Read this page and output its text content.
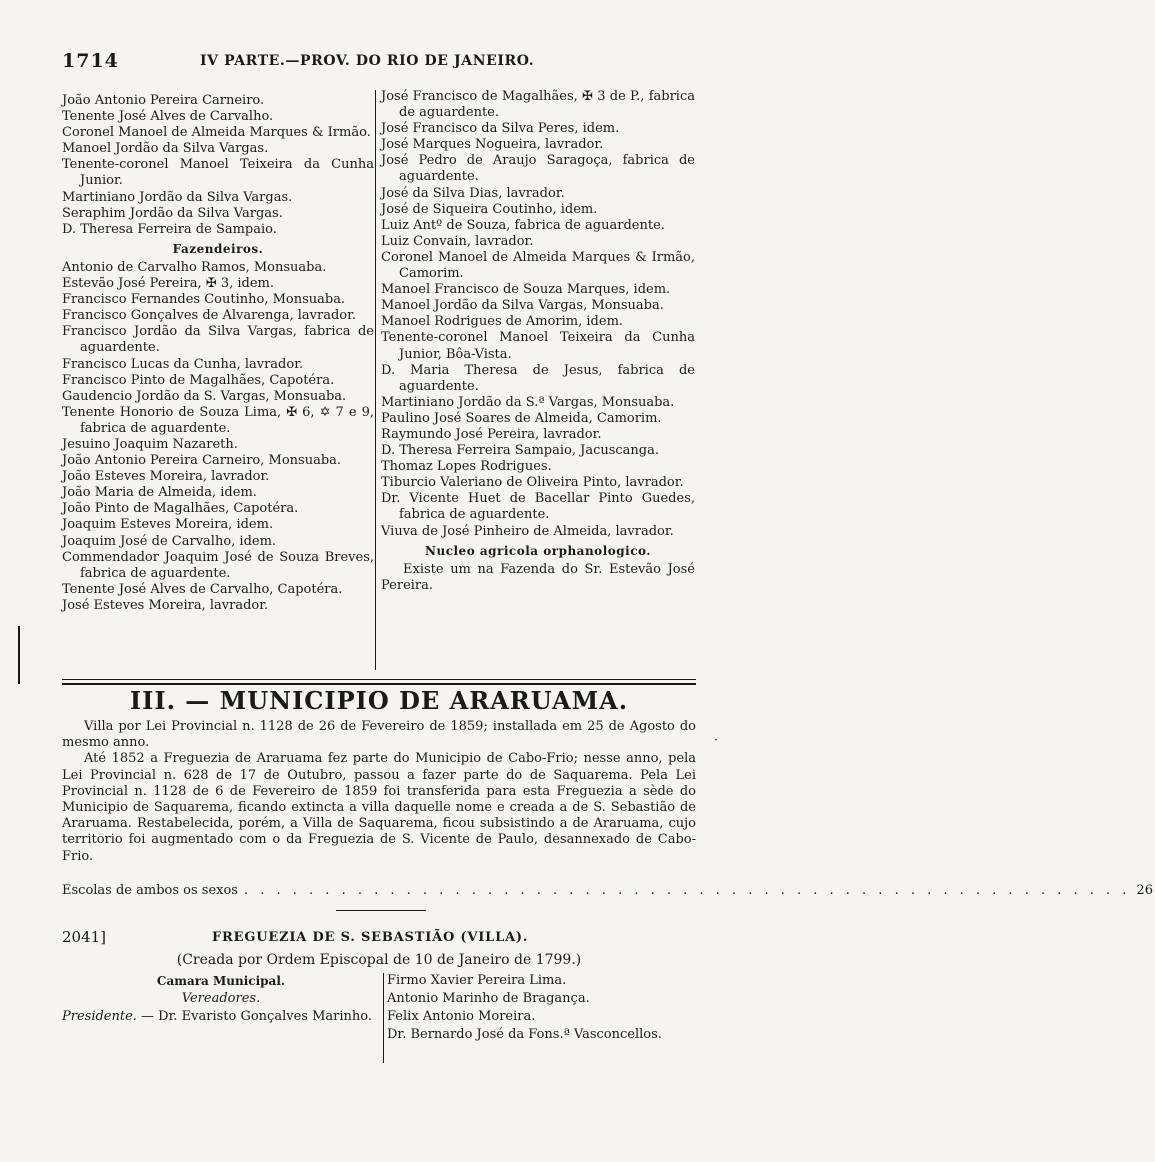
1714	IV PARTE.—PROV. DO RIO DE JANEIRO.
João Antonio Pereira Carneiro.
Tenente José Alves de Carvalho.
Coronel Manoel de Almeida Marques & Irmão.
Manoel Jordão da Silva Vargas.
Tenente-coronel Manoel Teixeira da Cunha Junior.
Martiniano Jordão da Silva Vargas.
Seraphim Jordão da Silva Vargas.
D. Theresa Ferreira de Sampaio.
Fazendeiros.
Antonio de Carvalho Ramos, Monsuaba.
Estevão José Pereira, ✠ 3, idem.
Francisco Fernandes Coutinho, Monsuaba.
Francisco Gonçalves de Alvarenga, lavrador.
Francisco Jordão da Silva Vargas, fabrica de aguardente.
Francisco Lucas da Cunha, lavrador.
Francisco Pinto de Magalhães, Capotéra.
Gaudencio Jordão da S. Vargas, Monsuaba.
Tenente Honorio de Souza Lima, ✠ 6, ✡ 7 e 9, fabrica de aguardente.
Jesuino Joaquim Nazareth.
João Antonio Pereira Carneiro, Monsuaba.
João Esteves Moreira, lavrador.
João Maria de Almeida, idem.
João Pinto de Magalhães, Capotéra.
Joaquim Esteves Moreira, idem.
Joaquim José de Carvalho, idem.
Commendador Joaquim José de Souza Breves, fabrica de aguardente.
Tenente José Alves de Carvalho, Capotéra.
José Esteves Moreira, lavrador.
José Francisco de Magalhães, ✠ 3 de P., fabrica de aguardente.
José Francisco da Silva Peres, idem.
José Marques Nogueira, lavrador.
José Pedro de Araujo Saragoça, fabrica de aguardente.
José da Silva Dias, lavrador.
José de Siqueira Coutinho, idem.
Luiz Antº de Souza, fabrica de aguardente.
Luiz Convain, lavrador.
Coronel Manoel de Almeida Marques & Irmão, Camorim.
Manoel Francisco de Souza Marques, idem.
Manoel Jordão da Silva Vargas, Monsuaba.
Manoel Rodrigues de Amorim, idem.
Tenente-coronel Manoel Teixeira da Cunha Junior, Bôa-Vista.
D. Maria Theresa de Jesus, fabrica de aguardente.
Martiniano Jordão da S.ª Vargas, Monsuaba.
Paulino José Soares de Almeida, Camorim.
Raymundo José Pereira, lavrador.
D. Theresa Ferreira Sampaio, Jacuscanga.
Thomaz Lopes Rodrigues.
Tiburcio Valeriano de Oliveira Pinto, lavrador.
Dr. Vicente Huet de Bacellar Pinto Guedes, fabrica de aguardente.
Viuva de José Pinheiro de Almeida, lavrador.
Nucleo agricola orphanologico.
Existe um na Fazenda do Sr. Estevão José Pereira.
III. — MUNICIPIO DE ARARUAMA.

Villa por Lei Provincial n. 1128 de 26 de Fevereiro de 1859; installada em 25 de Agosto do mesmo anno.

Até 1852 a Freguezia de Araruama fez parte do Municipio de Cabo-Frio; nesse anno, pela Lei Provincial n. 628 de 17 de Outubro, passou a fazer parte do de Saquarema. Pela Lei Provincial n. 1128 de 6 de Fevereiro de 1859 foi transferida para esta Freguezia a sède do Municipio de Saquarema, ficando extincta a villa daquelle nome e creada a de S. Sebastião de Araruama. Restabelecida, porém, a Villa de Saquarema, ficou subsistindo a de Araruama, cujo territorio foi augmentado com o da Freguezia de S. Vicente de Paulo, desannexado de Cabo-Frio.

·
Escolas de ambos os sexos . . . . . . . . . . . . . . . . . . . . . . . . . . . . . . . . . . . . . . . . . . . . . . . . . . . . . . . 26
2041]	FREGUEZIA DE S. SEBASTIÃO (VILLA).
(Creada por Ordem Episcopal de 10 de Janeiro de 1799.)
Camara Municipal.
Vereadores.
Presidente. — Dr. Evaristo Gonçalves Marinho.
Firmo Xavier Pereira Lima.
Antonio Marinho de Bragança.
Felix Antonio Moreira.
Dr. Bernardo José da Fons.ª Vasconcellos.
